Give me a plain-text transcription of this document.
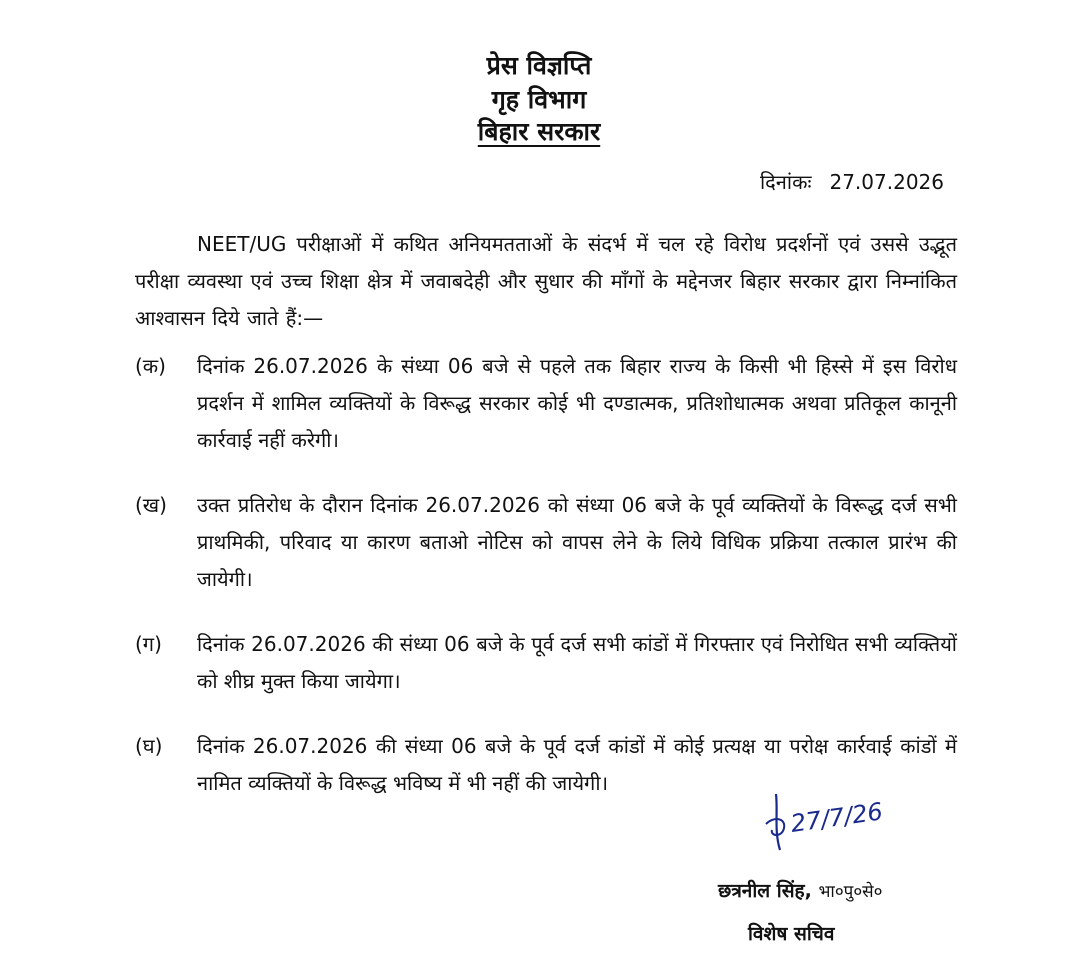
प्रेस विज्ञप्ति
गृह विभाग
बिहार सरकार
दिनांकः 27.07.2026
NEET/UG परीक्षाओं में कथित अनियमतताओं के संदर्भ में चल रहे विरोध प्रदर्शनों एवं उससे उद्भूत परीक्षा व्यवस्था एवं उच्च शिक्षा क्षेत्र में जवाबदेही और सुधार की माँगों के मद्देनजर बिहार सरकार द्वारा निम्नांकित आश्वासन दिये जाते हैं:—
(क) दिनांक 26.07.2026 के संध्या 06 बजे से पहले तक बिहार राज्य के किसी भी हिस्से में इस विरोध प्रदर्शन में शामिल व्यक्तियों के विरूद्ध सरकार कोई भी दण्डात्मक, प्रतिशोधात्मक अथवा प्रतिकूल कानूनी कार्रवाई नहीं करेगी।
(ख) उक्त प्रतिरोध के दौरान दिनांक 26.07.2026 को संध्या 06 बजे के पूर्व व्यक्तियों के विरूद्ध दर्ज सभी प्राथमिकी, परिवाद या कारण बताओ नोटिस को वापस लेने के लिये विधिक प्रक्रिया तत्काल प्रारंभ की जायेगी।
(ग) दिनांक 26.07.2026 की संध्या 06 बजे के पूर्व दर्ज सभी कांडों में गिरफ्तार एवं निरोधित सभी व्यक्तियों को शीघ्र मुक्त किया जायेगा।
(घ) दिनांक 26.07.2026 की संध्या 06 बजे के पूर्व दर्ज कांडों में कोई प्रत्यक्ष या परोक्ष कार्रवाई कांडों में नामित व्यक्तियों के विरूद्ध भविष्य में भी नहीं की जायेगी।
27/7/26
छत्रनील सिंह, भा०पु०से०
विशेष सचिव
